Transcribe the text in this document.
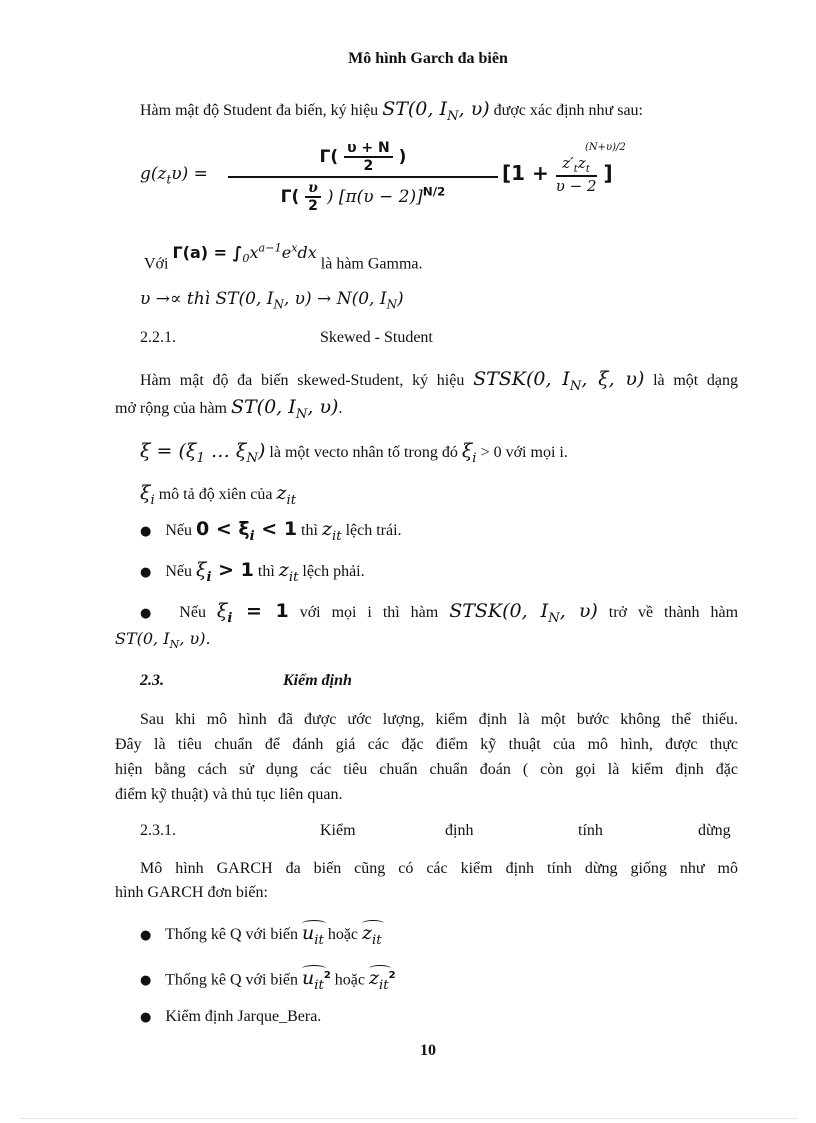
Mô hình Garch đa biên

Hàm mật độ Student đa biến, ký hiệu ST(0, $I_N$, υ) được xác định như sau:

$g(z_t\upsilon) = \frac{\Gamma( \frac{\upsilon + N}{2} )}{\Gamma( \frac{\upsilon}{2} ) [\pi(\upsilon - 2)]^{N/2}} [1 + \frac{z'_tz_t}{\upsilon - 2}$ ]
(N+υ)/2

Với $\Gamma(a) = \int_0x^{a-1}e^xdx$ là hàm Gamma.

υ →∝ thì ST(0, $I_N$, υ) → N(0, $I_N$)

2.2.1.	Skewed - Student

Hàm mật độ đa biến skewed-Student, ký hiệu STSK(0, $I_N$, ξ, υ) là một dạng

mở rộng của hàm ST(0, $I_N$, υ).

$\xi = (\xi_1$ … $\xi_N$) là một vecto nhân tố trong đó $\xi_i > 0$ với mọi i.

$\xi_i$ mô tả độ xiên của $z_{it}$

● Nếu $0 < \xi_i < 1$ thì $z_{it}$ lệch trái.

● Nếu $\xi_i > 1$ thì $z_{it}$ lệch phải.

● Nếu $\xi_i = 1$ với mọi i thì hàm STSK(0, $I_N$, υ) trở về thành hàm

ST(0, $I_N$, υ).

2.3.	Kiểm định

Sau khi mô hình đã được ước lượng, kiểm định là một bước không thể thiếu.

Đây là tiêu chuẩn để đánh giá các đặc điểm kỹ thuật của mô hình, được thực

hiện bằng cách sử dụng các tiêu chuẩn chuẩn đoán ( còn gọi là kiểm định đặc

điểm kỹ thuật) và thủ tục liên quan.

2.3.1.	Kiểm	định	tính	dừng

Mô hình GARCH đa biến cũng có các kiểm định tính dừng giống như mô

hình GARCH đơn biến:

● Thống kê Q với biến $u_{it}$ hoặc $z_{it}$

● Thống kê Q với biến $u_{it}^2$ hoặc $z_{it}^2$

● Kiểm định Jarque_Bera.

10
